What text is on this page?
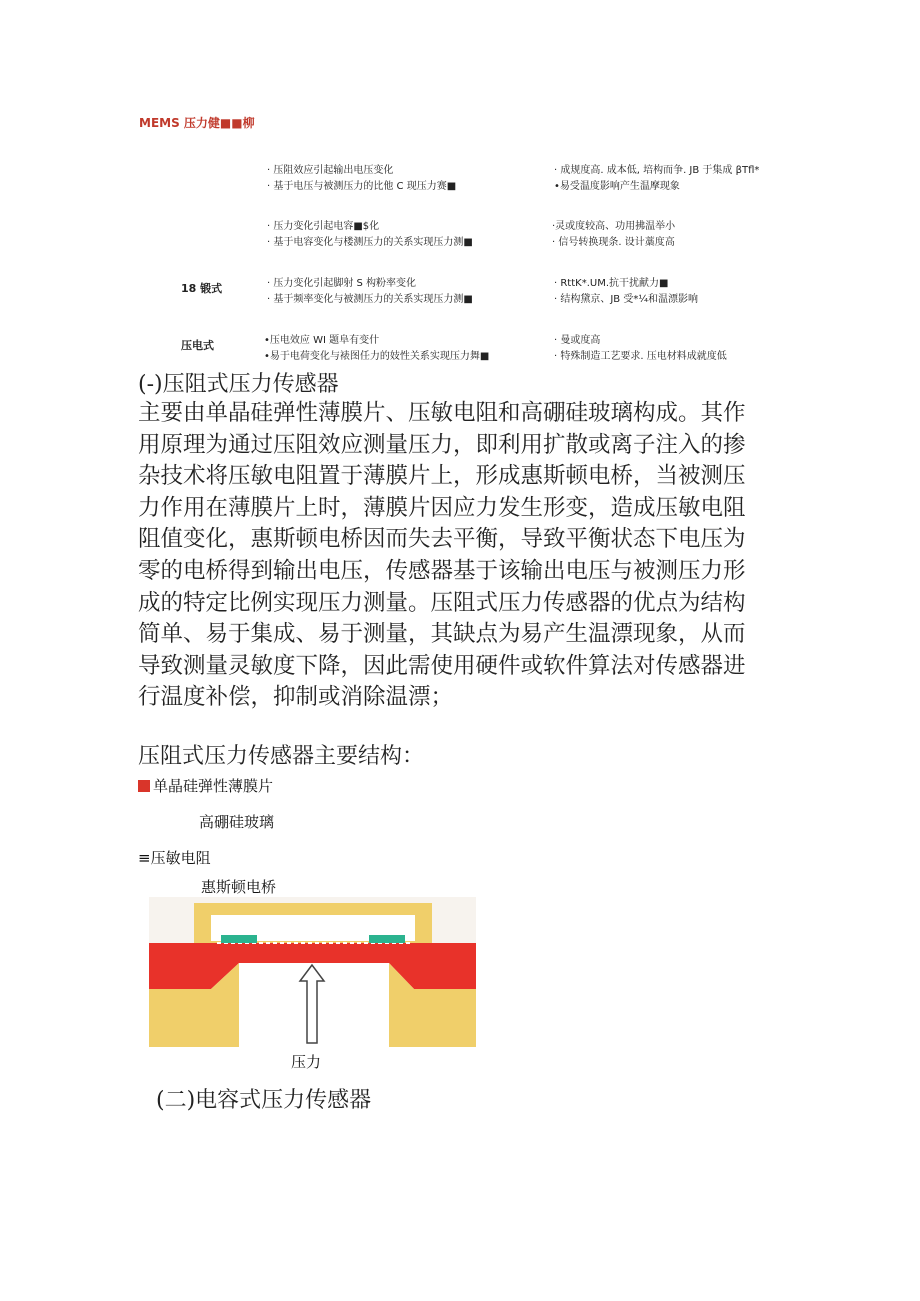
MEMS 压力健■■柳
· 压阻效应引起输出电压变化
· 基于电压与被测压力的比他 C 现压力赛■
· 成规度高. 成本低, 培构而争. JB 于集成 βTfl*
•易受温度影响产生温摩现象
· 压力变化引起电容■$化
· 基于电容变化与楼测压力的关系实现压力测■
·灵或度较高、功用拂温举小
· 信号转换现条. 设计藁度高
18 锻式	· 压力变化引起脚射 S 构粉率变化
· 基于频率变化与被测压力的关系实现压力测■
· RttK*.UM.抗干扰献力■
· 结构黛京、JB 受*¼和温漂影响
压电式	•压电效应 WI 题阜有变什
•易于电荷变化与裱图任力的妓性关系实现压力舞■
· 曼或度高
· 特殊制造工艺要求. 压电材料成就度低
(-)压阻式压力传感器
主要由单晶硅弹性薄膜片、压敏电阻和高硼硅玻璃构成。其作
用原理为通过压阻效应测量压力，即利用扩散或离子注入的掺
杂技术将压敏电阻置于薄膜片上，形成惠斯顿电桥，当被测压
力作用在薄膜片上时，薄膜片因应力发生形变，造成压敏电阻
阻值变化，惠斯顿电桥因而失去平衡，导致平衡状态下电压为
零的电桥得到输出电压，传感器基于该输出电压与被测压力形
成的特定比例实现压力测量。压阻式压力传感器的优点为结构
简单、易于集成、易于测量，其缺点为易产生温漂现象，从而
导致测量灵敏度下降，因此需使用硬件或软件算法对传感器进
行温度补偿，抑制或消除温漂；
压阻式压力传感器主要结构：
单晶硅弹性薄膜片
高硼硅玻璃
≡压敏电阻
惠斯顿电桥
压力
(二)电容式压力传感器
